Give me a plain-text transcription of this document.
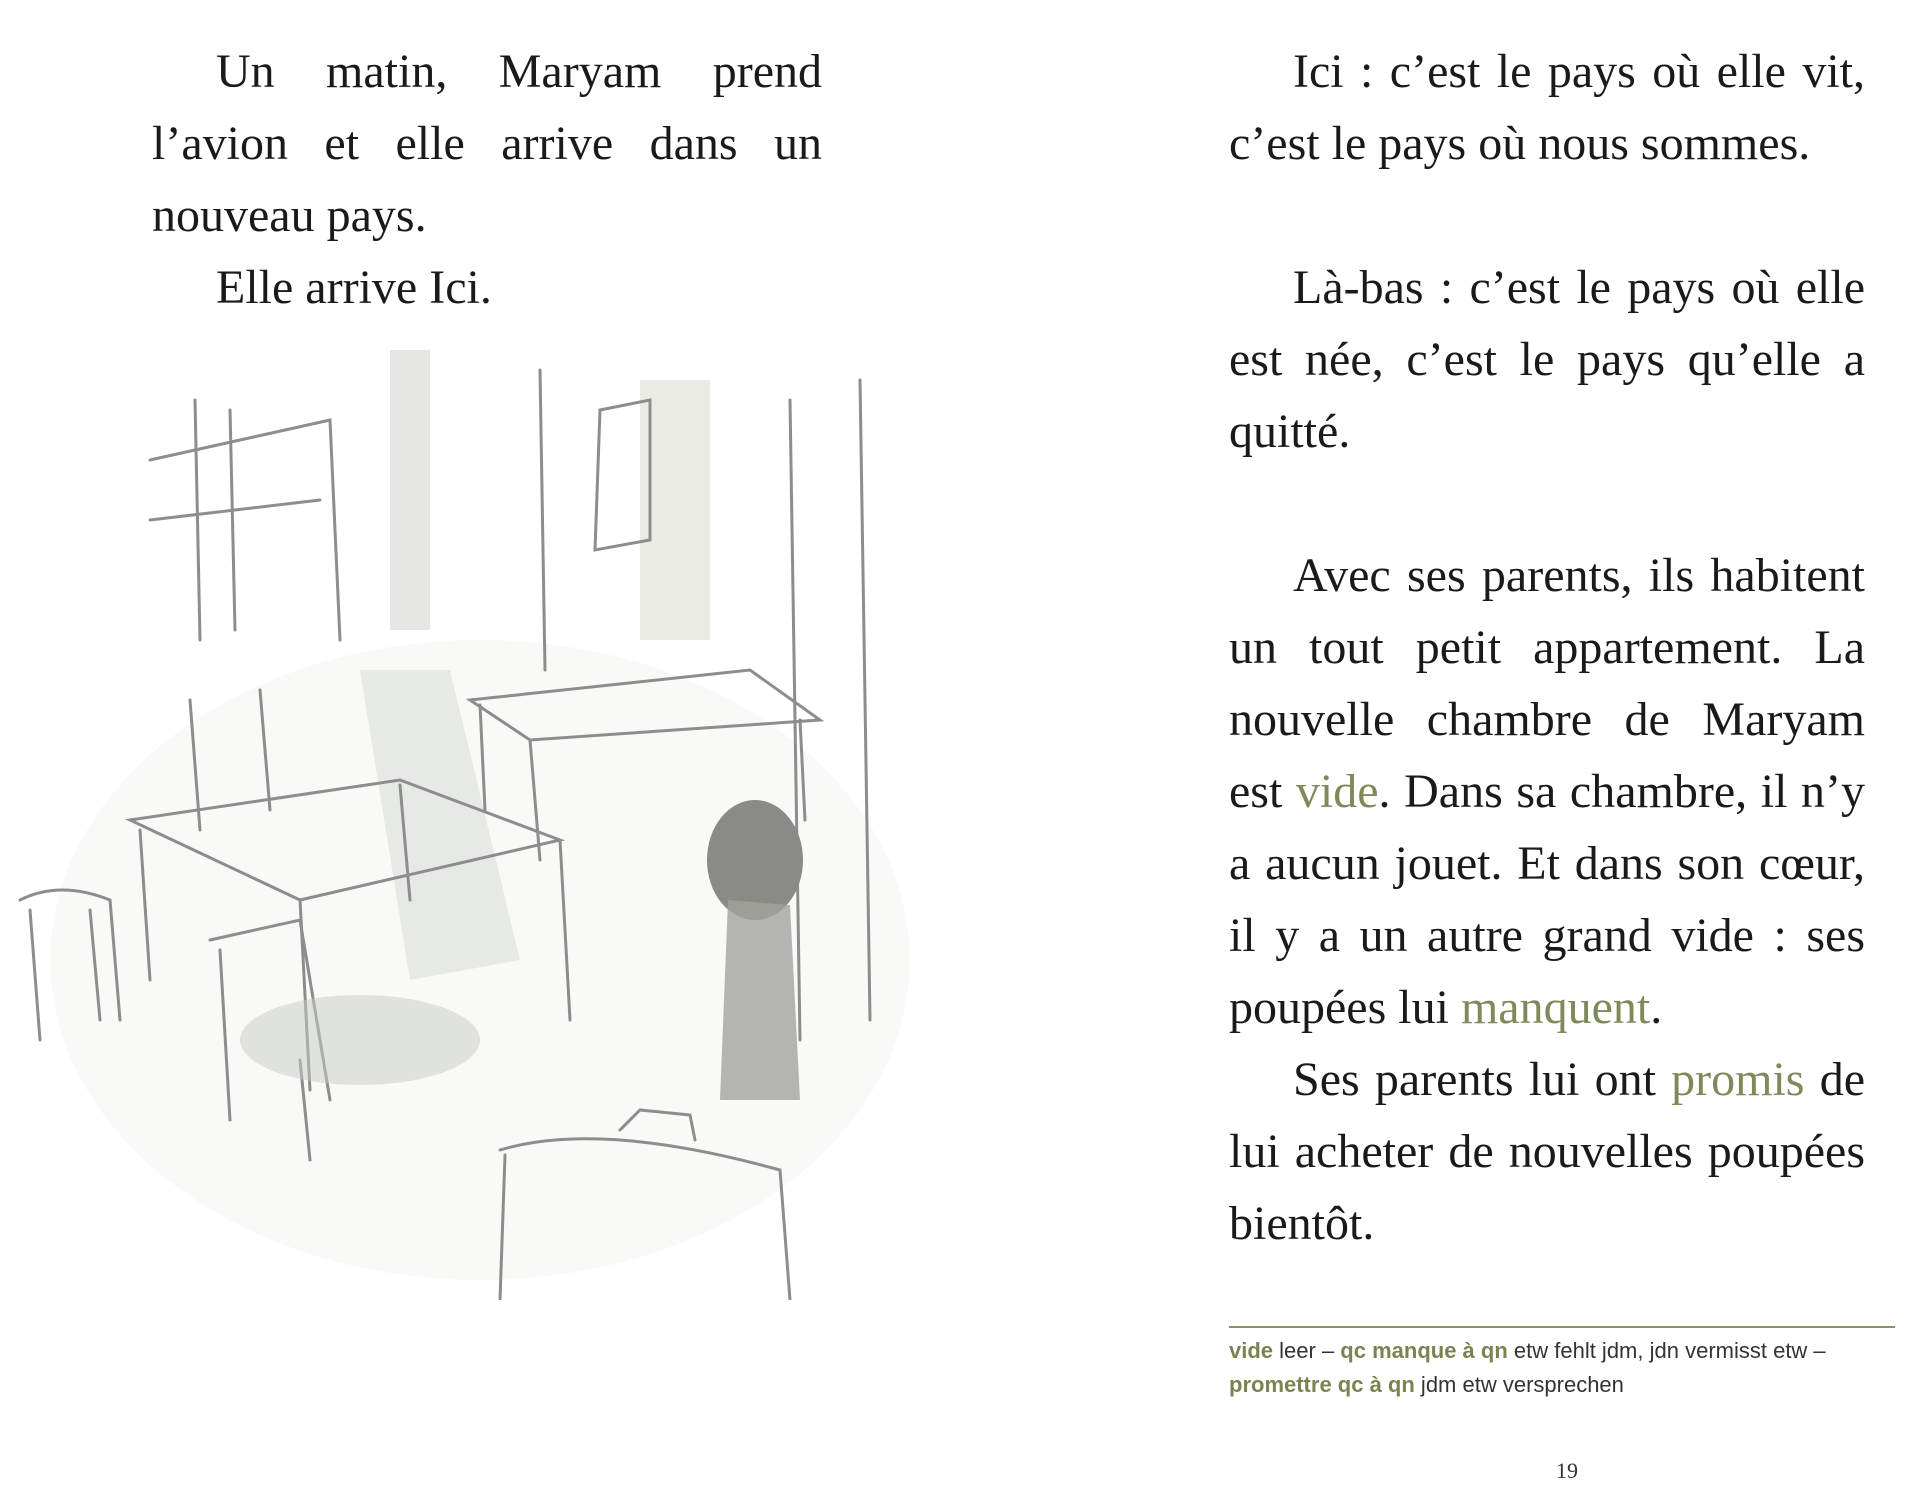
Un matin, Maryam prend l’avion et elle arrive dans un nouveau pays.

Elle arrive Ici.

Ici : c’est le pays où elle vit, c’est le pays où nous sommes.

Là-bas : c’est le pays où elle est née, c’est le pays qu’elle a quitté.

Avec ses parents, ils habitent un tout petit appartement. La nouvelle chambre de Maryam est vide. Dans sa chambre, il n’y a aucun jouet. Et dans son cœur, il y a un autre grand vide : ses poupées lui manquent.

Ses parents lui ont promis de lui acheter de nouvelles poupées bientôt.

vide leer – qc manque à qn etw fehlt jdm, jdn vermisst etw – promettre qc à qn jdm etw versprechen
19
